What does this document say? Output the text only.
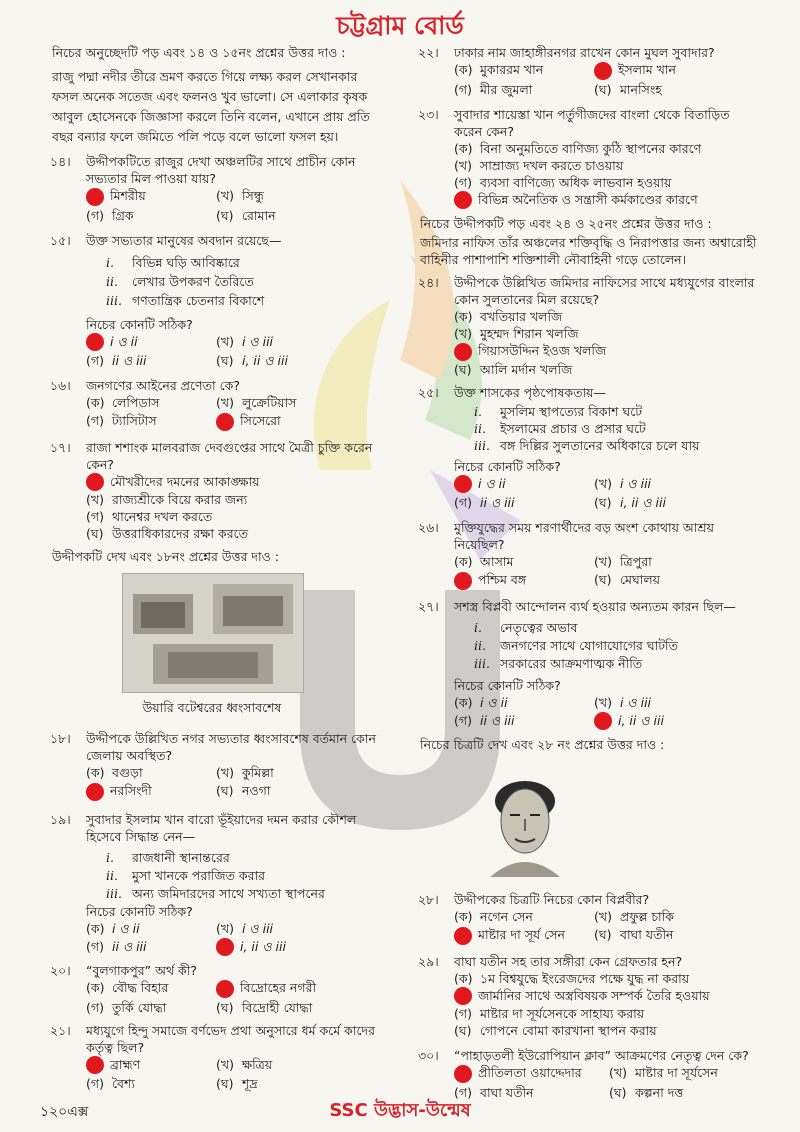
চট্টগ্রাম বোর্ড
নিচের অনুচ্ছেদটি পড় এবং ১৪ ও ১৫নং প্রশ্নের উত্তর দাও :
রাজু পদ্মা নদীর তীরে ভ্রমণ করতে গিয়ে লক্ষ্য করল সেখানকার ফসল অনেক সতেজ এবং ফলনও খুব ভালো। সে এলাকার কৃষক আবুল হোসেনকে জিজ্ঞাসা করলে তিনি বলেন, এখানে প্রায় প্রতি বছর বন্যার ফলে জমিতে পলি পড়ে বলে ভালো ফসল হয়।
১৪।	উদ্দীপকটিতে রাজুর দেখা অঞ্চলটির সাথে প্রাচীন কোন সভ্যতার মিল পাওয়া যায়?
মিশরীয়	(খ) সিন্ধু
(গ) গ্রিক	(ঘ) রোমান
১৫।	উক্ত সভ্যতার মানুষের অবদান রয়েছে—
i. বিভিন্ন ঘড়ি আবিষ্কারে
ii. লেখার উপকরণ তৈরিতে
iii. গণতান্ত্রিক চেতনার বিকাশে
নিচের কোনটি সঠিক?
i ও ii	(খ) i ও iii
(গ) ii ও iii	(ঘ) i, ii ও iii
১৬।	জনগণের আইনের প্রণেতা কে?
(ক) লেপিডাস	(খ) লুক্রেটিয়াস
(গ) ট্যাসিটাস	সিসেরো
১৭।	রাজা শশাংক মালবরাজ দেবগুপ্তের সাথে মৈত্রী চুক্তি করেন কেন?
মৌখরীদের দমনের আকাঙ্ক্ষায়
(খ) রাজ্যশ্রীকে বিয়ে করার জন্য
(গ) থানেশ্বর দখল করতে
(ঘ) উত্তরাধিকারদের রক্ষা করতে
উদ্দীপকটি দেখ এবং ১৮নং প্রশ্নের উত্তর দাও :
উয়ারি বটেশ্বরের ধ্বংসাবশেষ
১৮।	উদ্দীপকে উল্লিখিত নগর সভ্যতার ধ্বংসাবশেষ বর্তমান কোন জেলায় অবস্থিত?
(ক) বগুড়া	(খ) কুমিল্লা
নরসিংদী	(ঘ) নওগা
১৯।	সুবাদার ইসলাম খান বারো ভূঁইয়াদের দমন করার কৌশল হিসেবে সিদ্ধান্ত নেন—
i. রাজধানী স্থানান্তরের
ii. মুসা খানকে পরাজিত করার
iii. অন্য জমিদারদের সাথে সখ্যতা স্থাপনের
নিচের কোনটি সঠিক?
(ক) i ও ii	(খ) i ও iii
(গ) ii ও iii	i, ii ও iii
২০।	“বুলগাকপুর” অর্থ কী?
(ক) বৌদ্ধ বিহার	বিদ্রোহের নগরী
(গ) তুর্কি যোদ্ধা	(ঘ) বিদ্রোহী যোদ্ধা
২১।	মধ্যযুগে হিন্দু সমাজে বর্ণভেদ প্রথা অনুসারে ধর্ম কর্মে কাদের কর্তৃত্ব ছিল?
ব্রাহ্মণ	(খ) ক্ষত্রিয়
(গ) বৈশ্য	(ঘ) শূদ্র
২২।	ঢাকার নাম জাহাঙ্গীরনগর রাখেন কোন মুঘল সুবাদার?
(ক) মুকাররম খান	ইসলাম খান
(গ) মীর জুমলা	(ঘ) মানসিংহ
২৩।	সুবাদার শায়েস্তা খান পর্তুগীজদের বাংলা থেকে বিতাড়িত করেন কেন?
(ক) বিনা অনুমতিতে বাণিজ্য কুঠি স্থাপনের কারণে
(খ) সাম্রাজ্য দখল করতে চাওয়ায়
(গ) ব্যবসা বাণিজ্যে অধিক লাভবান হওয়ায়
বিভিন্ন অনৈতিক ও সন্ত্রাসী কর্মকাণ্ডের কারণে
নিচের উদ্দীপকটি পড় এবং ২৪ ও ২৫নং প্রশ্নের উত্তর দাও :
জমিদার নাফিস তাঁর অঞ্চলের শক্তিবৃদ্ধি ও নিরাপত্তার জন্য অশ্বারোহী বাহিনীর পাশাপাশি শক্তিশালী নৌবাহিনী গড়ে তোলেন।
২৪।	উদ্দীপকে উল্লিখিত জমিদার নাফিসের সাথে মধ্যযুগের বাংলার কোন সুলতানের মিল রয়েছে?
(ক) বখতিয়ার খলজি
(খ) মুহম্মদ শিরান খলজি
গিয়াসউদ্দিন ইওজ খলজি
(ঘ) আলি মর্দান খলজি
২৫।	উক্ত শাসকের পৃষ্ঠপোষকতায়—
i. মুসলিম স্থাপত্যের বিকাশ ঘটে
ii. ইসলামের প্রচার ও প্রসার ঘটে
iii. বঙ্গ দিল্লির সুলতানের অধিকারে চলে যায়
নিচের কোনটি সঠিক?
i ও ii	(খ) i ও iii
(গ) ii ও iii	(ঘ) i, ii ও iii
২৬।	মুক্তিযুদ্ধের সময় শরণার্থীদের বড় অংশ কোথায় আশ্রয় নিয়েছিল?
(ক) আসাম	(খ) ত্রিপুরা
পশ্চিম বঙ্গ	(ঘ) মেঘালয়
২৭।	সশস্ত্র বিপ্লবী আন্দোলন ব্যর্থ হওয়ার অন্যতম কারন ছিল—
i. নেতৃত্বের অভাব
ii. জনগণের সাথে যোগাযোগের ঘাটতি
iii. সরকারের আক্রমণাত্মক নীতি
নিচের কোনটি সঠিক?
(ক) i ও ii	(খ) i ও iii
(গ) ii ও iii	i, ii ও iii
নিচের চিত্রটি দেখ এবং ২৮ নং প্রশ্নের উত্তর দাও :
২৮।	উদ্দীপকের চিত্রটি নিচের কোন বিপ্লবীর?
(ক) নগেন সেন	(খ) প্রফুল্ল চাকি
মাষ্টার দা সূর্য সেন	(ঘ) বাঘা যতীন
২৯।	বাঘা যতীন সহ তার সঙ্গীরা কেন গ্রেফতার হন?
(ক) ১ম বিশ্বযুদ্ধে ইংরেজদের পক্ষে যুদ্ধ না করায়
জার্মানির সাথে অস্ত্রবিষয়ক সম্পর্ক তৈরি হওয়ায়
(গ) মাষ্টার দা সূর্যসেনকে সাহায্য করায়
(ঘ) গোপনে বোমা কারখানা স্থাপন করায়
৩০।	“পাহাড়তলী ইউরোপিয়ান ক্লাব” আক্রমণের নেতৃত্ব দেন কে?
প্রীতিলতা ওয়াদ্দেদার	(খ) মাষ্টার দা সূর্যসেন
(গ) বাঘা যতীন	(ঘ) কল্পনা দত্ত
১২০এক্স	SSC উদ্ভাস-উন্মেষ
